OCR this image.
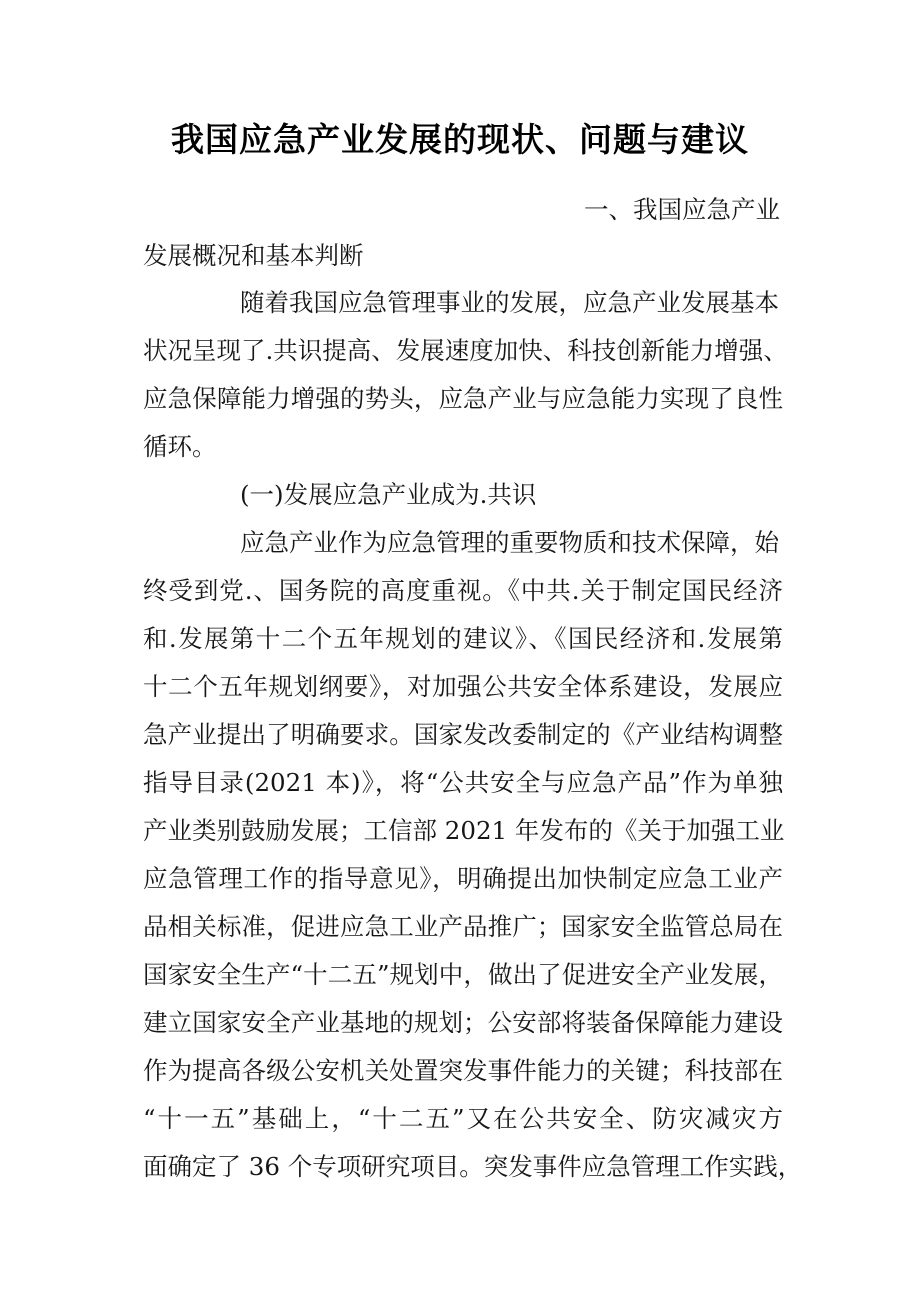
我国应急产业发展的现状、问题与建议
一、我国应急产业
发展概况和基本判断
随着我国应急管理事业的发展，应急产业发展基本
状况呈现了.共识提高、发展速度加快、科技创新能力增强、
应急保障能力增强的势头，应急产业与应急能力实现了良性
循环。
(一)发展应急产业成为.共识
应急产业作为应急管理的重要物质和技术保障，始
终受到党.、国务院的高度重视。《中共.关于制定国民经济
和.发展第十二个五年规划的建议》、《国民经济和.发展第
十二个五年规划纲要》，对加强公共安全体系建设，发展应
急产业提出了明确要求。国家发改委制定的《产业结构调整
指导目录(2021 本)》，将“公共安全与应急产品”作为单独
产业类别鼓励发展；工信部 2021 年发布的《关于加强工业
应急管理工作的指导意见》，明确提出加快制定应急工业产
品相关标准，促进应急工业产品推广；国家安全监管总局在
国家安全生产“十二五”规划中，做出了促进安全产业发展，
建立国家安全产业基地的规划；公安部将装备保障能力建设
作为提高各级公安机关处置突发事件能力的关键；科技部在
“十一五”基础上，“十二五”又在公共安全、防灾减灾方
面确定了 36 个专项研究项目。突发事件应急管理工作实践，
